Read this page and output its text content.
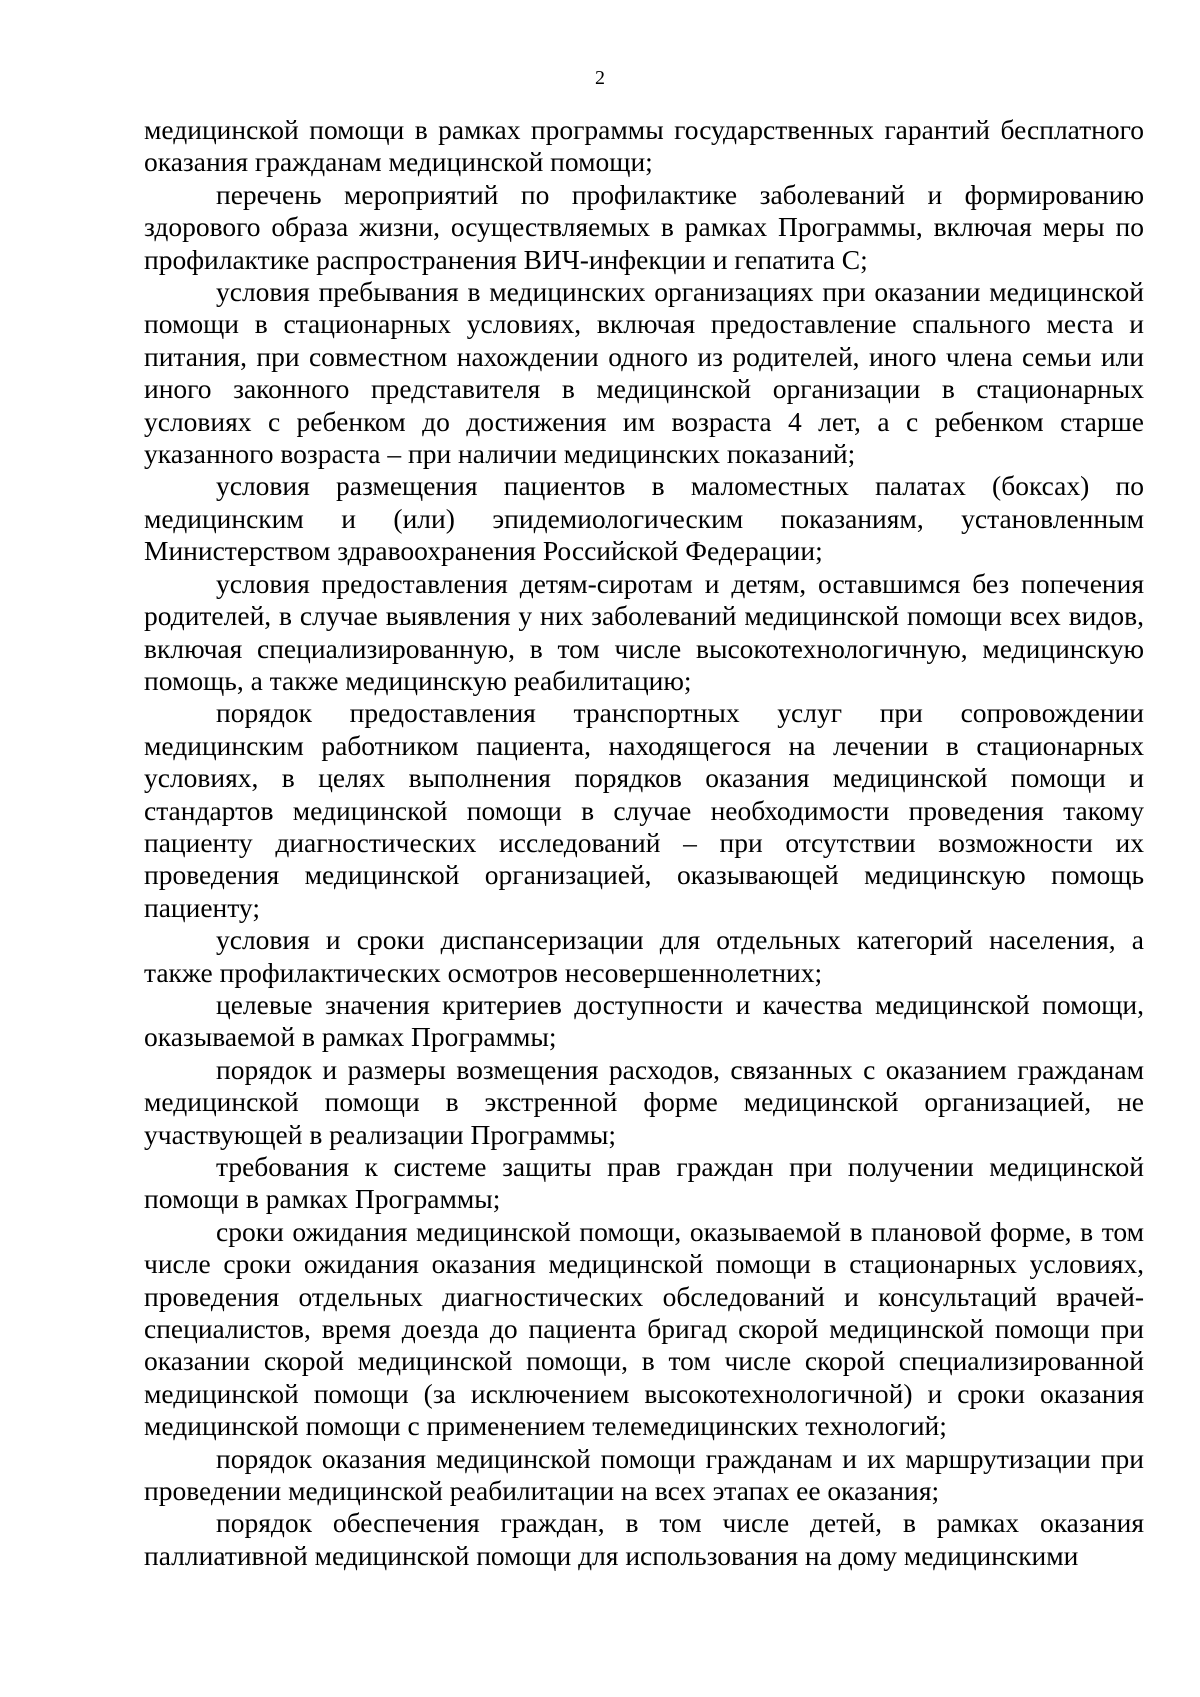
2

медицинской помощи в рамках программы государственных гарантий бесплатного оказания гражданам медицинской помощи;

перечень мероприятий по профилактике заболеваний и формированию здорового образа жизни, осуществляемых в рамках Программы, включая меры по профилактике распространения ВИЧ-инфекции и гепатита C;

условия пребывания в медицинских организациях при оказании медицинской помощи в стационарных условиях, включая предоставление спального места и питания, при совместном нахождении одного из родителей, иного члена семьи или иного законного представителя в медицинской организации в стационарных условиях с ребенком до достижения им возраста 4 лет, а с ребенком старше указанного возраста – при наличии медицинских показаний;

условия размещения пациентов в маломестных палатах (боксах) по медицинским и (или) эпидемиологическим показаниям, установленным Министерством здравоохранения Российской Федерации;

условия предоставления детям-сиротам и детям, оставшимся без попечения родителей, в случае выявления у них заболеваний медицинской помощи всех видов, включая специализированную, в том числе высокотехнологичную, медицинскую помощь, а также медицинскую реабилитацию;

порядок предоставления транспортных услуг при сопровождении медицинским работником пациента, находящегося на лечении в стационарных условиях, в целях выполнения порядков оказания медицинской помощи и стандартов медицинской помощи в случае необходимости проведения такому пациенту диагностических исследований – при отсутствии возможности их проведения медицинской организацией, оказывающей медицинскую помощь пациенту;

условия и сроки диспансеризации для отдельных категорий населения, а также профилактических осмотров несовершеннолетних;

целевые значения критериев доступности и качества медицинской помощи, оказываемой в рамках Программы;

порядок и размеры возмещения расходов, связанных с оказанием гражданам медицинской помощи в экстренной форме медицинской организацией, не участвующей в реализации Программы;

требования к системе защиты прав граждан при получении медицинской помощи в рамках Программы;

сроки ожидания медицинской помощи, оказываемой в плановой форме, в том числе сроки ожидания оказания медицинской помощи в стационарных условиях, проведения отдельных диагностических обследований и консультаций врачей-специалистов, время доезда до пациента бригад скорой медицинской помощи при оказании скорой медицинской помощи, в том числе скорой специализированной медицинской помощи (за исключением высокотехнологичной) и сроки оказания медицинской помощи с применением телемедицинских технологий;

порядок оказания медицинской помощи гражданам и их маршрутизации при проведении медицинской реабилитации на всех этапах ее оказания;

порядок обеспечения граждан, в том числе детей, в рамках оказания паллиативной медицинской помощи для использования на дому медицинскими
